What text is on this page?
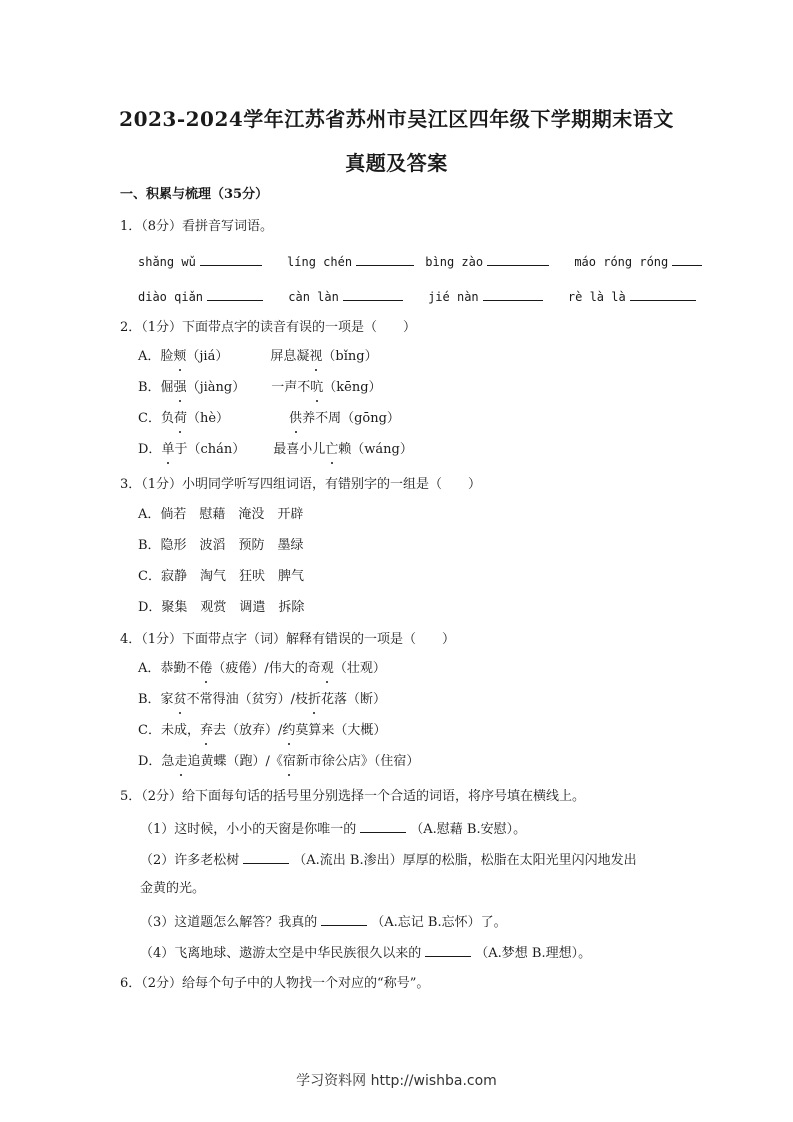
2023-2024学年江苏省苏州市吴江区四年级下学期期末语文
真题及答案
一、积累与梳理（35分）
1．（8分）看拼音写词语。
shǎng wǔ	líng chén	bìng zào	máo róng róng
diào qiǎn	càn làn	jié nàn	rè là là
2．（1分）下面带点字的读音有误的一项是（　　）
A．脸颊（jiá）	屏息凝视（bǐng）
B．倔强（jiàng） 一声不吭（kēng）
C．负荷（hè）	供养不周（gōng）
D．单于（chán） 最喜小儿亡赖（wáng）
3．（1分）小明同学听写四组词语，有错别字的一组是（　　）
A．倘若　慰藉　淹没　开辟
B．隐形　波滔　预防　墨绿
C．寂静　淘气　狂吠　脾气
D．聚集　观赏　调遣　拆除
4．（1分）下面带点字（词）解释有错误的一项是（　　）
A．恭勤不倦（疲倦）/伟大的奇观（壮观）
B．家贫不常得油（贫穷）/枝折花落（断）
C．未成，弃去（放弃）/约莫算来（大概）
D．急走追黄蝶（跑）/《宿新市徐公店》（住宿）
5．（2分）给下面每句话的括号里分别选择一个合适的词语，将序号填在横线上。
（1）这时候，小小的天窗是你唯一的	（A.慰藉 B.安慰）。
（2）许多老松树	（A.流出 B.渗出）厚厚的松脂，松脂在太阳光里闪闪地发出
金黄的光。
（3）这道题怎么解答？我真的	（A.忘记 B.忘怀）了。
（4）飞离地球、遨游太空是中华民族很久以来的	（A.梦想 B.理想）。
6．（2分）给每个句子中的人物找一个对应的“称号”。
学习资料网 http://wishba.com
